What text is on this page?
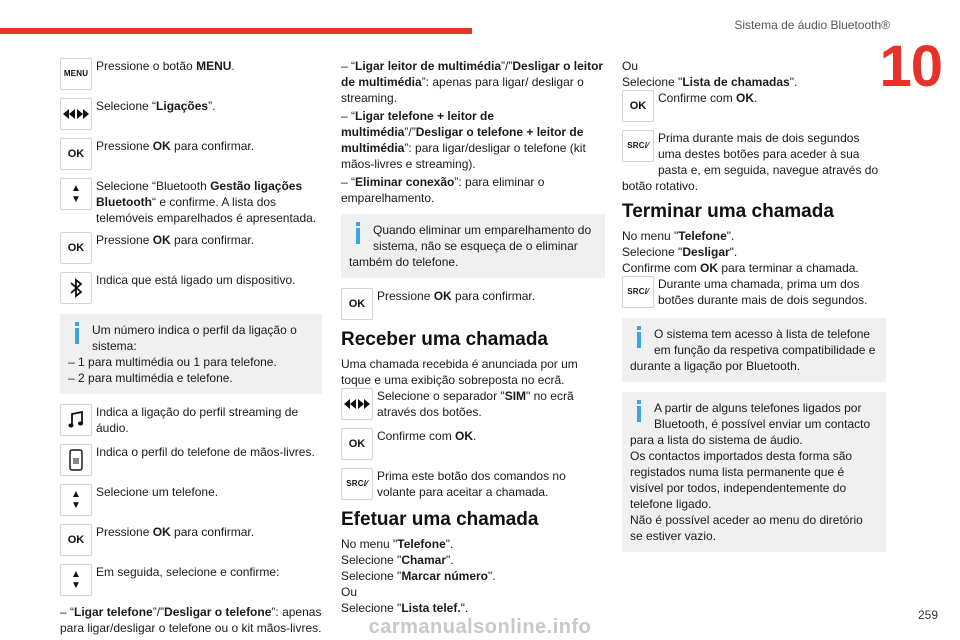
Sistema de áudio Bluetooth®
10
MENU
Pressione o botão MENU.
Selecione “Ligações”.
OK
Pressione OK para confirmar.
▲
▼
Selecione “Bluetooth Gestão ligações Bluetooth“ e confirme. A lista dos telemóveis emparelhados é apresentada.
OK
Pressione OK para confirmar.
Indica que está ligado um dispositivo.

Um número indica o perfil da ligação o sistema:

– 1 para multimédia ou 1 para telefone.

– 2 para multimédia e telefone.

Indica a ligação do perfil streaming de áudio.
Indica o perfil do telefone de mãos-livres.
▲
▼
Selecione um telefone.
OK
Pressione OK para confirmar.
▲
▼
Em seguida, selecione e confirme:

– “Ligar telefone”/”Desligar o telefone”: apenas para ligar/desligar o telefone ou o kit mãos-livres.

– “Ligar leitor de multimédia”/”Desligar o leitor de multimédia”: apenas para ligar/ desligar o streaming.

– “Ligar telefone + leitor de multimédia”/”Desligar o telefone + leitor de multimédia”: para ligar/desligar o telefone (kit mãos-livres e streaming).

– “Eliminar conexão”: para eliminar o emparelhamento.

Quando eliminar um emparelhamento do sistema, não se esqueça de o eliminar também do telefone.

OK
Pressione OK para confirmar.
Receber uma chamada

Uma chamada recebida é anunciada por um toque e uma exibição sobreposta no ecrã.

Selecione o separador "SIM" no ecrã através dos botões.
OK
Confirme com OK.
SRC/⁄
Prima este botão dos comandos no volante para aceitar a chamada.
Efetuar uma chamada

No menu "Telefone".

Selecione "Chamar".

Selecione "Marcar número".

Ou

Selecione "Lista telef.".

Ou

Selecione "Lista de chamadas".

OK
Confirme com OK.
SRC/⁄
Prima durante mais de dois segundos uma destes botões para aceder à sua pasta e, em seguida, navegue através do botão rotativo.
Terminar uma chamada

No menu "Telefone".

Selecione "Desligar".

Confirme com OK para terminar a chamada.

SRC/⁄
Durante uma chamada, prima um dos botões durante mais de dois segundos.

O sistema tem acesso à lista de telefone em função da respetiva compatibilidade e durante a ligação por Bluetooth.

A partir de alguns telefones ligados por Bluetooth, é possível enviar um contacto para a lista do sistema de áudio.

Os contactos importados desta forma são registados numa lista permanente que é visível por todos, independentemente do telefone ligado.

Não é possível aceder ao menu do diretório se estiver vazio.

259
carmanualsonline.info
